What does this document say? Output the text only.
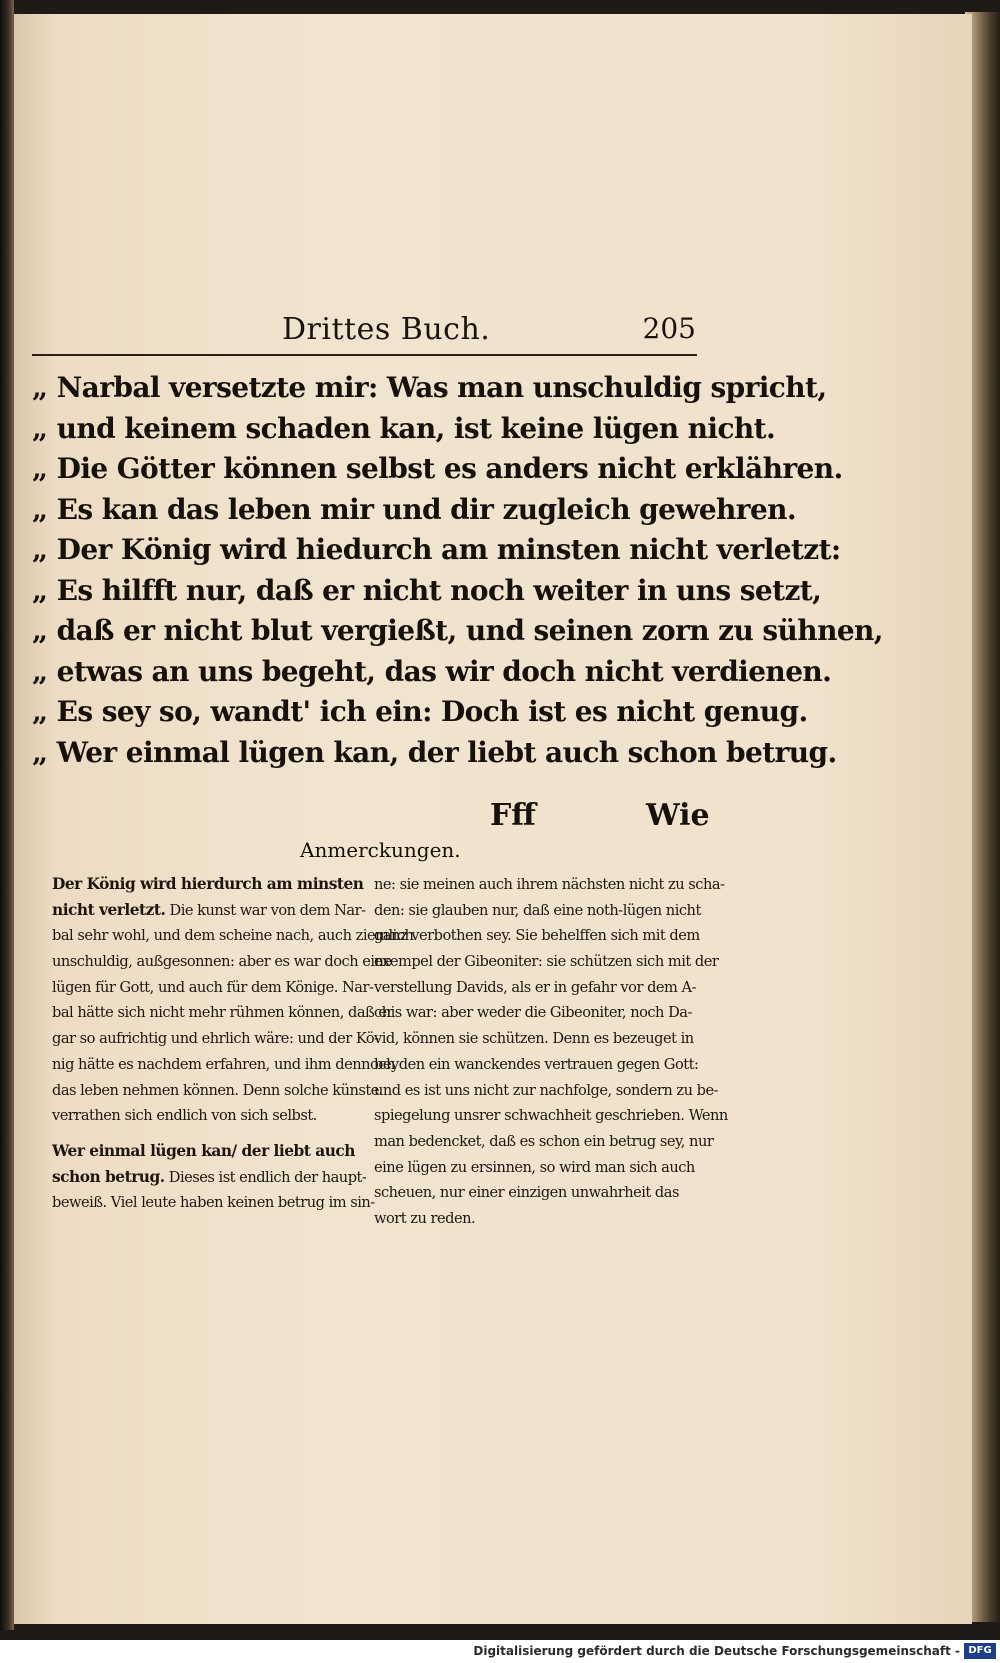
Drittes Buch.	205
„ Narbal versetzte mir: Was man unschuldig spricht,
„ und keinem schaden kan, ist keine lügen nicht.
„ Die Götter können selbst es anders nicht erklähren.
„ Es kan das leben mir und dir zugleich gewehren.
„ Der König wird hiedurch am minsten nicht verletzt:
„ Es hilfft nur, daß er nicht noch weiter in uns setzt,
„ daß er nicht blut vergießt, und seinen zorn zu sühnen,
„ etwas an uns begeht, das wir doch nicht verdienen.
„ Es sey so, wandt' ich ein: Doch ist es nicht genug.
„ Wer einmal lügen kan, der liebt auch schon betrug.
Fff	Wie
Anmerckungen.
Der König wird hierdurch am minsten
nicht verletzt. Die kunst war von dem Nar-
bal sehr wohl, und dem scheine nach, auch ziemlich
unschuldig, außgesonnen: aber es war doch eine
lügen für Gott, und auch für dem Könige. Nar-
bal hätte sich nicht mehr rühmen können, daß er
gar so aufrichtig und ehrlich wäre: und der Kö-
nig hätte es nachdem erfahren, und ihm dennoch
das leben nehmen können. Denn solche künste
verrathen sich endlich von sich selbst.
Wer einmal lügen kan/ der liebt auch
schon betrug. Dieses ist endlich der haupt-
beweiß. Viel leute haben keinen betrug im sin-
ne: sie meinen auch ihrem nächsten nicht zu scha-
den: sie glauben nur, daß eine noth-lügen nicht
ganz verbothen sey. Sie behelffen sich mit dem
exempel der Gibeoniter: sie schützen sich mit der
verstellung Davids, als er in gefahr vor dem A-
chis war: aber weder die Gibeoniter, noch Da-
vid, können sie schützen. Denn es bezeuget in
beyden ein wanckendes vertrauen gegen Gott:
und es ist uns nicht zur nachfolge, sondern zu be-
spiegelung unsrer schwachheit geschrieben. Wenn
man bedencket, daß es schon ein betrug sey, nur
eine lügen zu ersinnen, so wird man sich auch
scheuen, nur einer einzigen unwahrheit das
wort zu reden.
Digitalisierung gefördert durch die Deutsche Forschungsgemeinschaft - DFG
